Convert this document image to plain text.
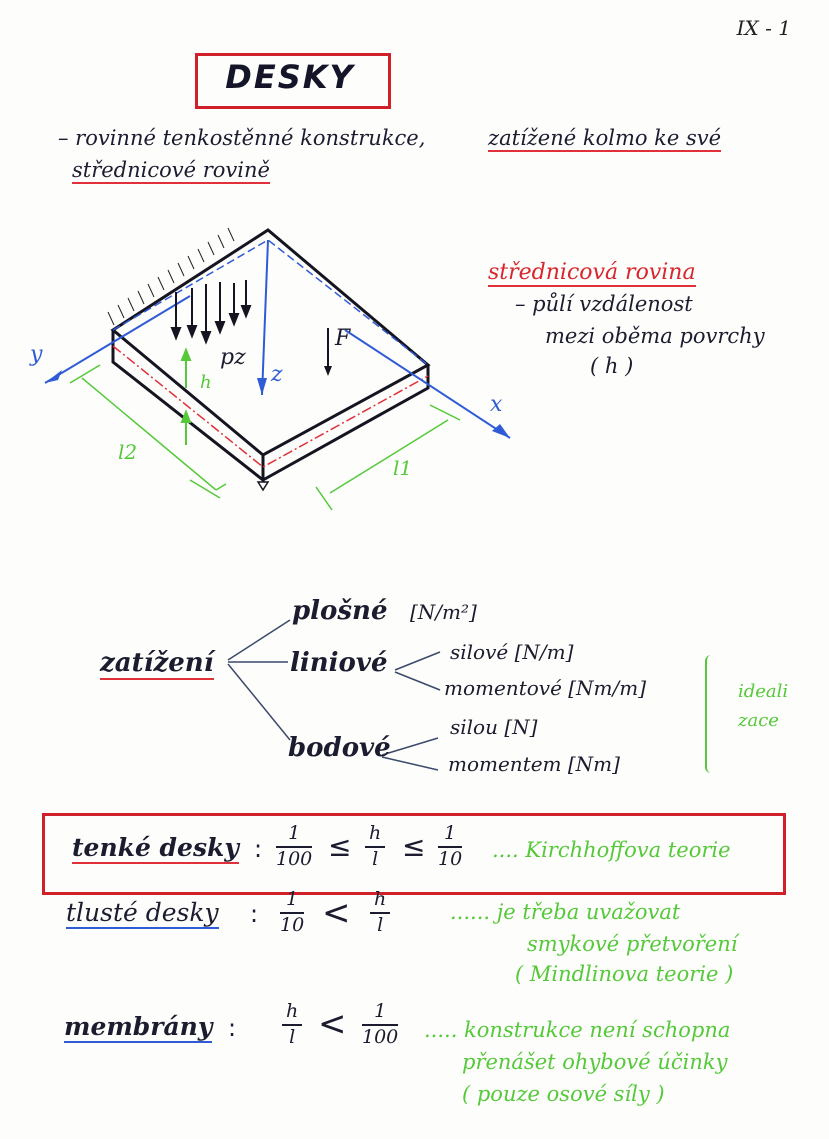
IX - 1
DESKY
– rovinné tenkostěnné konstrukce,	zatížené kolmo ke své
střednicové rovině
y
x
z
pz
F
h
l2
l1
střednicová rovina
– půlí vzdálenost
mezi oběma povrchy
( h )
plošné [N/m²]
zatížení	liniové	silové [N/m]
momentové [Nm/m]
bodové
silou [N]
momentem [Nm]
idealizace
tenké desky : $\frac{1}{100} \le \frac{h}{l} \le \frac{1}{10}$ .... Kirchhoffova teorie
tlusté desky : $\frac{1}{10} < \frac{h}{l}$	...... je třeba uvažovat
smykové přetvoření
( Mindlinova teorie )
membrány : $\frac{h}{l} < \frac{1}{100}$ ..... konstrukce není schopna
přenášet ohybové účinky
( pouze osové síly )
